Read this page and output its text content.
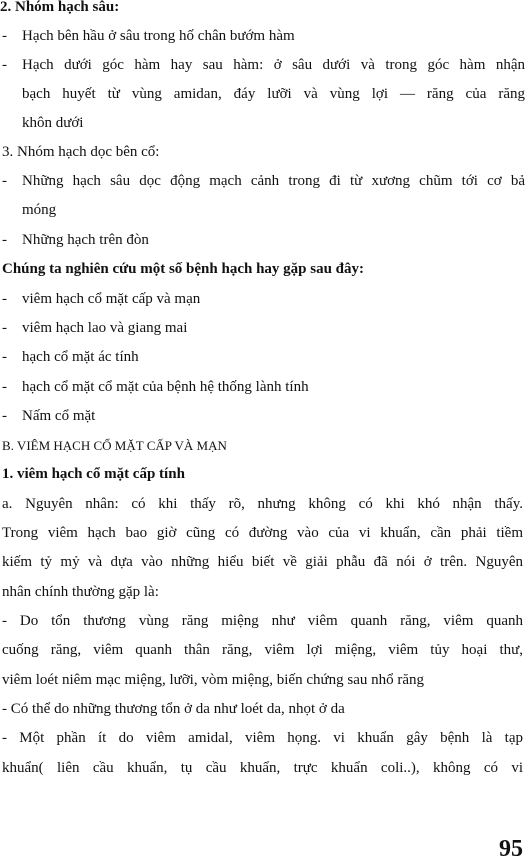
2. Nhóm hạch sâu:
- Hạch bên hầu ở sâu trong hố chân bướm hàm
- Hạch dưới góc hàm hay sau hàm: ở sâu dưới và trong góc hàm nhận
bạch huyết từ vùng amidan, đáy lưỡi và vùng lợi — răng của răng
khôn dưới
3. Nhóm hạch dọc bên cổ:
- Những hạch sâu dọc động mạch cảnh trong đi từ xương chũm tới cơ bả
móng
- Những hạch trên đòn
Chúng ta nghiên cứu một số bệnh hạch hay gặp sau đây:
- viêm hạch cổ mặt cấp và mạn
- viêm hạch lao và giang mai
- hạch cổ mặt ác tính
- hạch cổ mặt cổ mặt của bệnh hệ thống lành tính
- Nấm cổ mặt
B. VIÊM HẠCH CỔ MẶT CẤP VÀ MẠN
1. viêm hạch cổ mặt cấp tính
a. Nguyên nhân: có khi thấy rõ, nhưng không có khi khó nhận thấy.
Trong viêm hạch bao giờ cũng có đường vào của vi khuẩn, cần phải tiềm
kiếm tỷ mỷ và dựa vào những hiểu biết về giải phẫu đã nói ở trên. Nguyên
nhân chính thường gặp là:
- Do tổn thương vùng răng miệng như viêm quanh răng, viêm quanh
cuống răng, viêm quanh thân răng, viêm lợi miệng, viêm tủy hoại thư,
viêm loét niêm mạc miệng, lưỡi, vòm miệng, biến chứng sau nhổ răng
- Có thể do những thương tổn ở da như loét da, nhọt ở da
- Một phần ít do viêm amidal, viêm họng. vi khuẩn gây bệnh là tạp
khuẩn( liên cầu khuẩn, tụ cầu khuẩn, trực khuẩn coli..), không có vi
95
